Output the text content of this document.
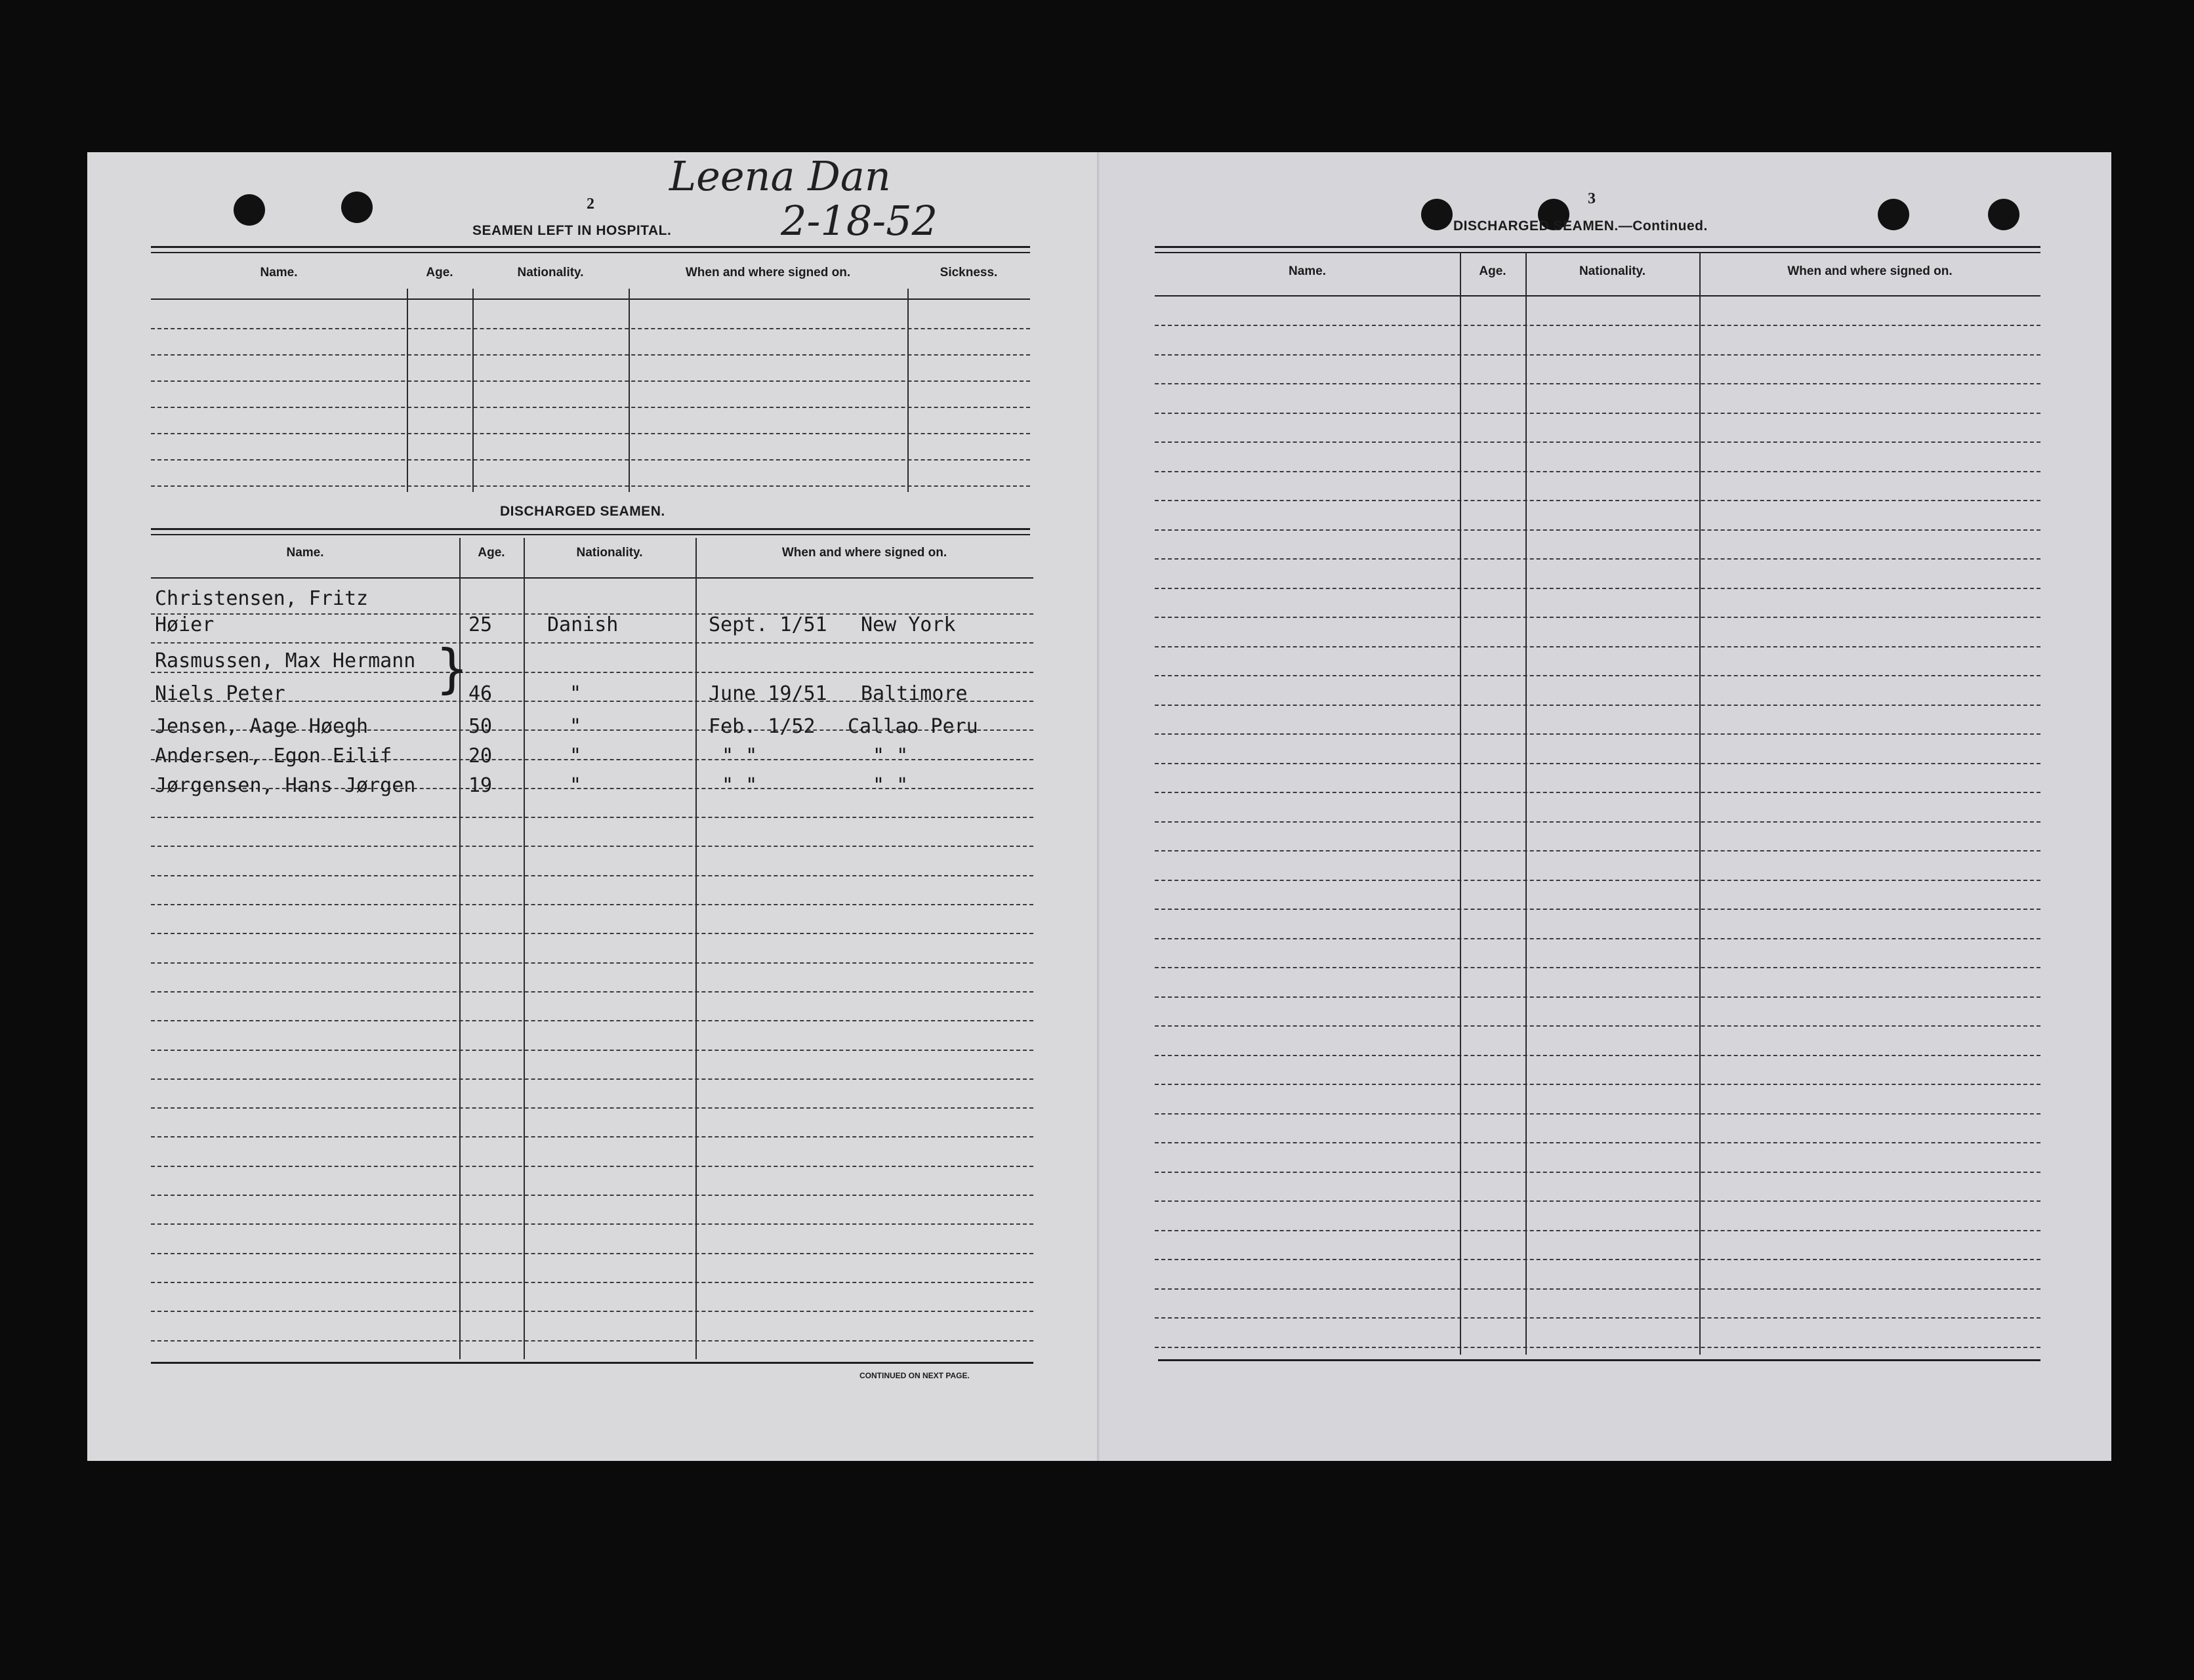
2
Leena Dan
2-18-52
SEAMEN LEFT IN HOSPITAL.
Name.	Age.	Nationality.	When and where signed on.	Sickness.
DISCHARGED SEAMEN.
Name.	Age.	Nationality.	When and where signed on.
CONTINUED ON NEXT PAGE.
Christensen, Fritz
Høier	25	Danish	Sept. 1/51 New York
Rasmussen, Max Hermann
Niels Peter	} 46	"	June 19/51 Baltimore
Jensen, Aage Høegh	50	"	Feb. 1/52 Callao Peru
Andersen, Egon Eilif	20	"	" "	" "
Jørgensen, Hans Jørgen	19	"	" "	" "
3
DISCHARGED SEAMEN.—Continued.
Name.	Age.	Nationality.	When and where signed on.
